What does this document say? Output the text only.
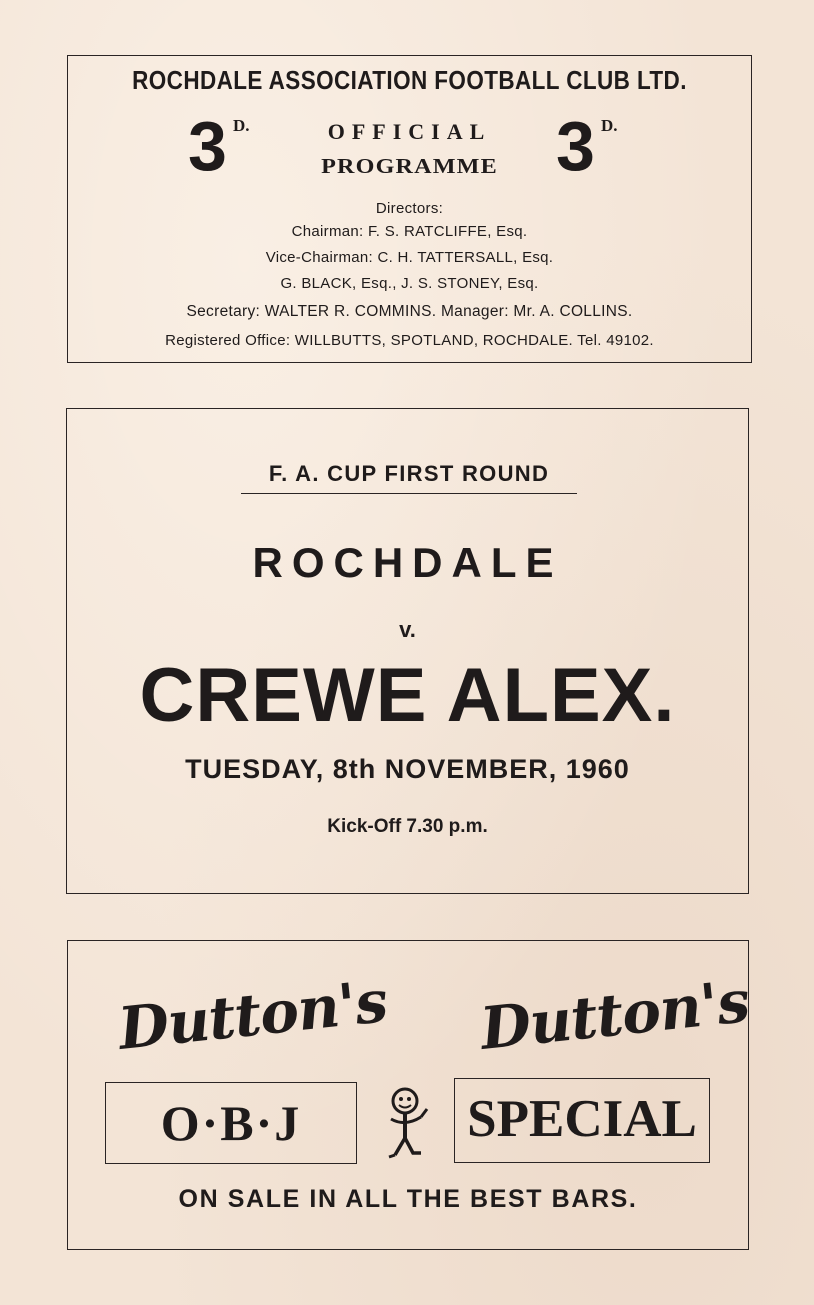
ROCHDALE ASSOCIATION FOOTBALL CLUB LTD.
3 $^{D.}$	3 $^{D.}$
OFFICIAL
PROGRAMME
Directors:
Chairman: F. S. RATCLIFFE, Esq.
Vice-Chairman: C. H. TATTERSALL, Esq.
G. BLACK, Esq., J. S. STONEY, Esq.
Secretary: WALTER R. COMMINS. Manager: Mr. A. COLLINS.
Registered Office: WILLBUTTS, SPOTLAND, ROCHDALE. Tel. 49102.
F. A. CUP FIRST ROUND
ROCHDALE
v.
CREWE ALEX.
TUESDAY, 8th NOVEMBER, 1960
Kick-Off 7.30 p.m.
Dutton's Dutton's
O·B·J	SPECIAL
ON SALE IN ALL THE BEST BARS.
